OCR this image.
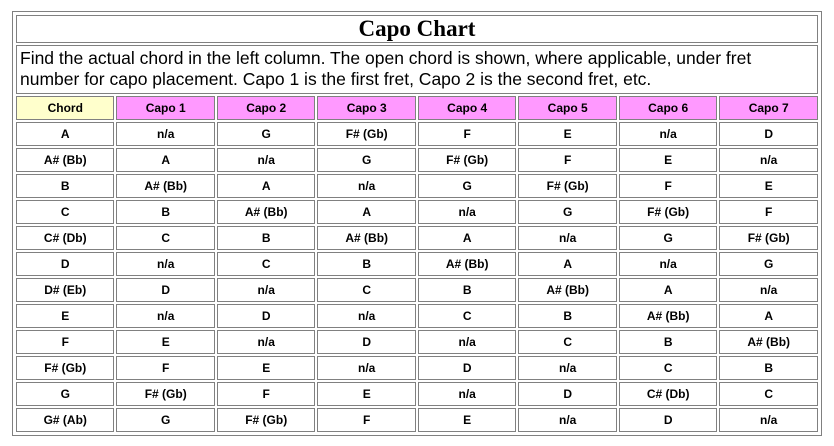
Capo Chart							
Find the actual chord in the left column. The open chord is shown, where applicable, under fret number for capo placement. Capo 1 is the first fret, Capo 2 is the second fret, etc.							
Chord	Capo 1	Capo 2	Capo 3	Capo 4	Capo 5	Capo 6	Capo 7
A	n/a	G	F# (Gb)	F	E	n/a	D
A# (Bb)	A	n/a	G	F# (Gb)	F	E	n/a
B	A# (Bb)	A	n/a	G	F# (Gb)	F	E
C	B	A# (Bb)	A	n/a	G	F# (Gb)	F
C# (Db)	C	B	A# (Bb)	A	n/a	G	F# (Gb)
D	n/a	C	B	A# (Bb)	A	n/a	G
D# (Eb)	D	n/a	C	B	A# (Bb)	A	n/a
E	n/a	D	n/a	C	B	A# (Bb)	A
F	E	n/a	D	n/a	C	B	A# (Bb)
F# (Gb)	F	E	n/a	D	n/a	C	B
G	F# (Gb)	F	E	n/a	D	C# (Db)	C
G# (Ab)	G	F# (Gb)	F	E	n/a	D	n/a
